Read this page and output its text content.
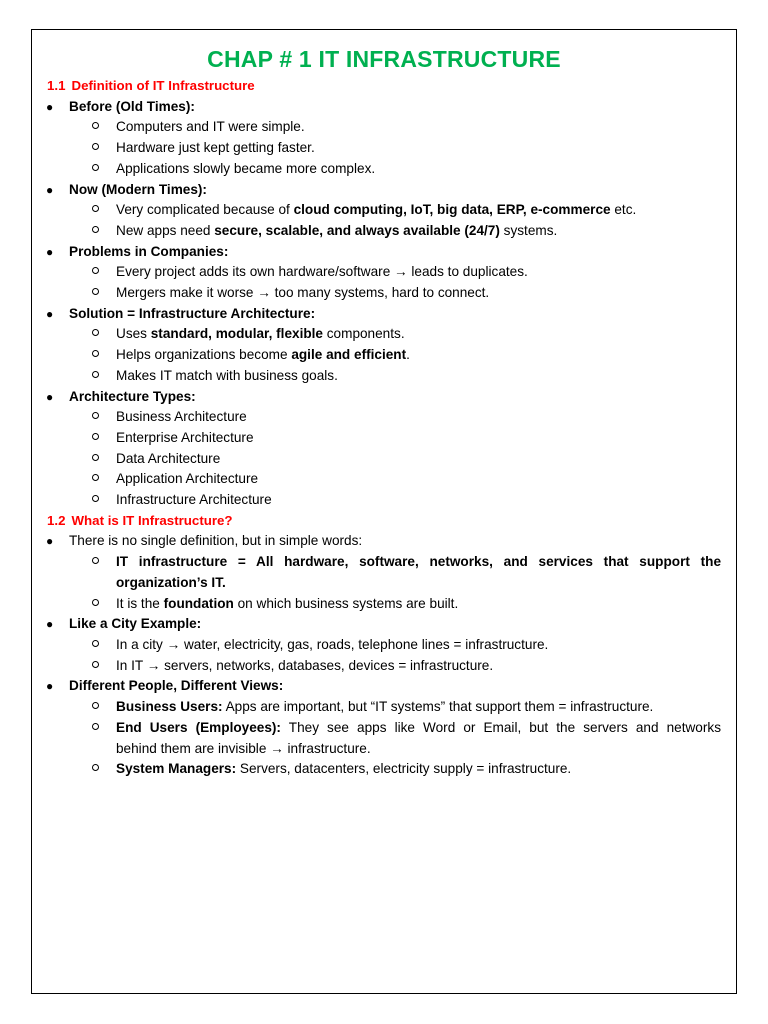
CHAP # 1 IT INFRASTRUCTURE
1.1 Definition of IT Infrastructure
● Before (Old Times):
Computers and IT were simple.
Hardware just kept getting faster.
Applications slowly became more complex.
● Now (Modern Times):
Very complicated because of cloud computing, IoT, big data, ERP, e-commerce etc.
New apps need secure, scalable, and always available (24/7) systems.
● Problems in Companies:
Every project adds its own hardware/software → leads to duplicates.
Mergers make it worse → too many systems, hard to connect.
● Solution = Infrastructure Architecture:
Uses standard, modular, flexible components.
Helps organizations become agile and efficient.
Makes IT match with business goals.
● Architecture Types:
Business Architecture
Enterprise Architecture
Data Architecture
Application Architecture
Infrastructure Architecture
1.2 What is IT Infrastructure?
● There is no single definition, but in simple words:
IT infrastructure = All hardware, software, networks, and services that support the
organization’s IT.
It is the foundation on which business systems are built.
● Like a City Example:
In a city → water, electricity, gas, roads, telephone lines = infrastructure.
In IT → servers, networks, databases, devices = infrastructure.
● Different People, Different Views:
Business Users: Apps are important, but “IT systems” that support them = infrastructure.
End Users (Employees): They see apps like Word or Email, but the servers and networks
behind them are invisible → infrastructure.
System Managers: Servers, datacenters, electricity supply = infrastructure.
